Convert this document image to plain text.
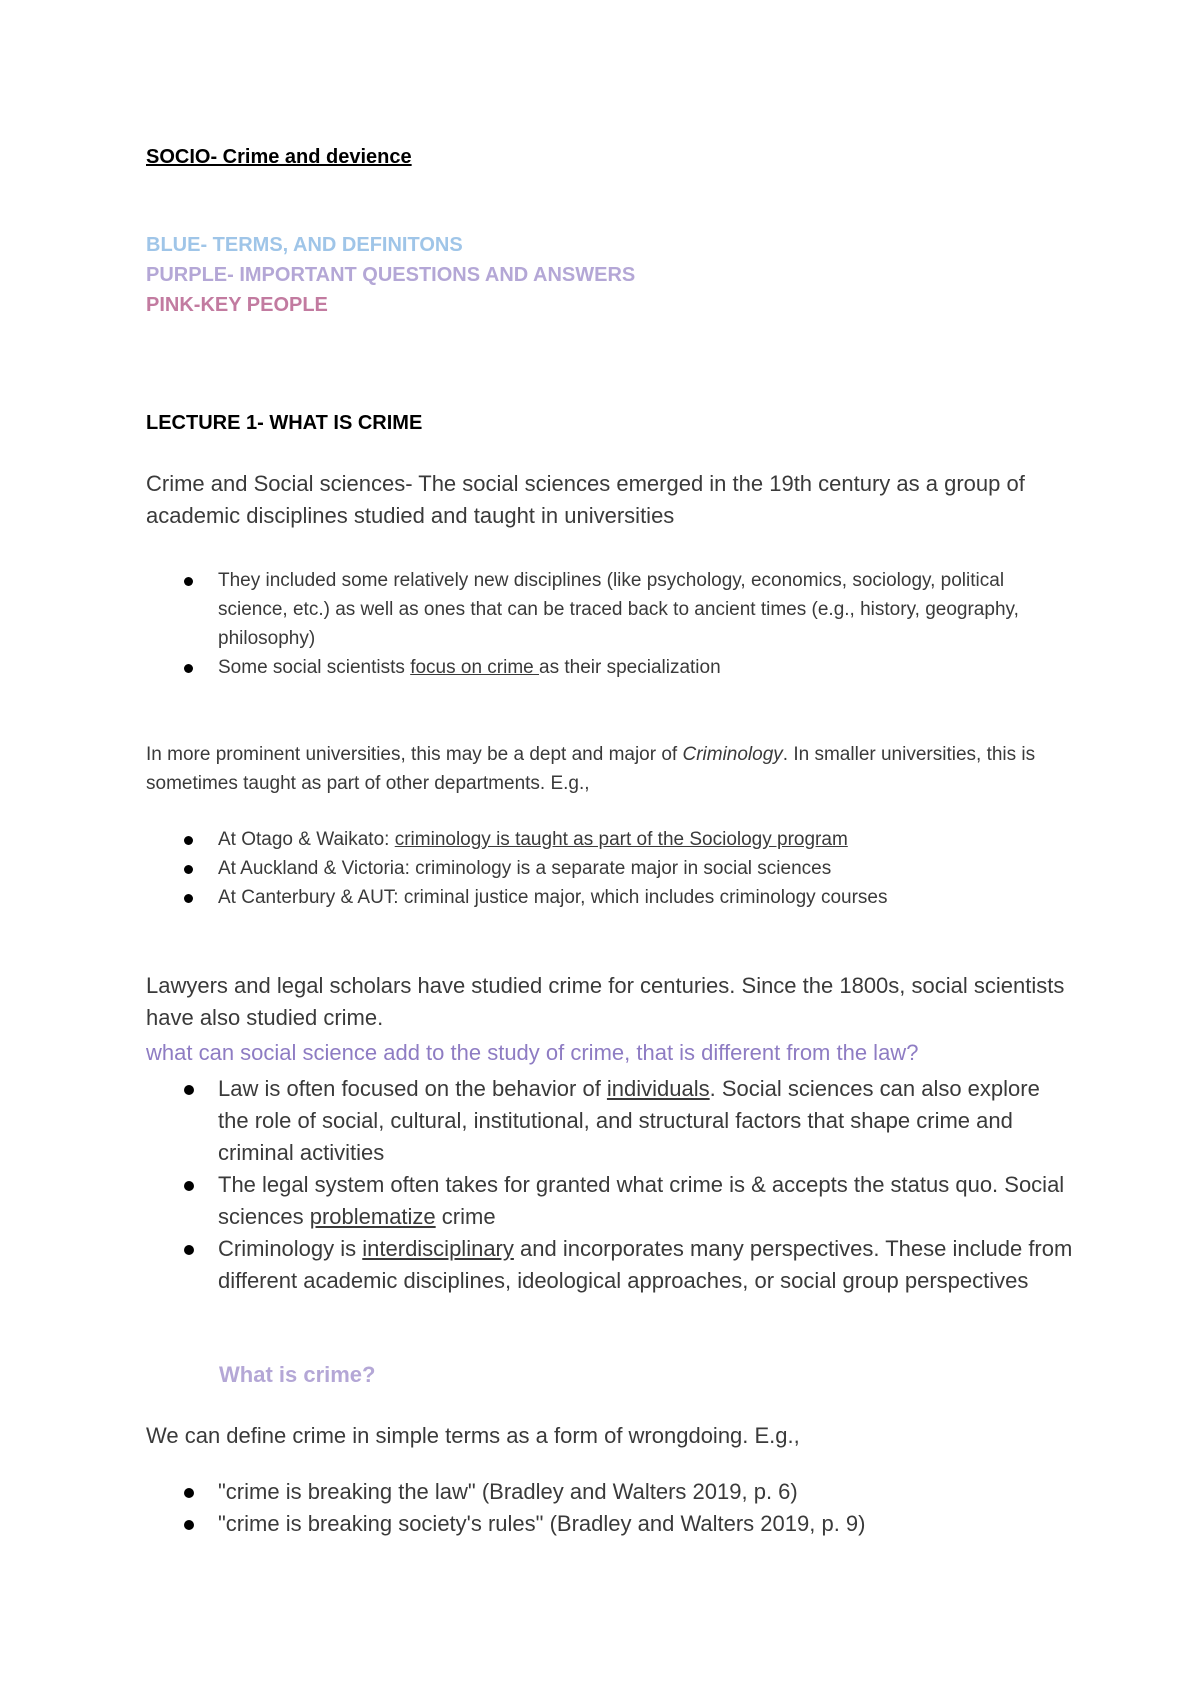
SOCIO- Crime and devience

BLUE- TERMS, AND DEFINITONS

PURPLE- IMPORTANT QUESTIONS AND ANSWERS

PINK-KEY PEOPLE

LECTURE 1- WHAT IS CRIME

Crime and Social sciences- The social sciences emerged in the 19th century as a group of academic disciplines studied and taught in universities

They included some relatively new disciplines (like psychology, economics, sociology, political science, etc.) as well as ones that can be traced back to ancient times (e.g., history, geography, philosophy)
Some social scientists focus on crime as their specialization

In more prominent universities, this may be a dept and major of Criminology. In smaller universities, this is sometimes taught as part of other departments. E.g.,

At Otago & Waikato: criminology is taught as part of the Sociology program
At Auckland & Victoria: criminology is a separate major in social sciences
At Canterbury & AUT: criminal justice major, which includes criminology courses

Lawyers and legal scholars have studied crime for centuries. Since the 1800s, social scientists have also studied crime.

what can social science add to the study of crime, that is different from the law?

Law is often focused on the behavior of individuals. Social sciences can also explore the role of social, cultural, institutional, and structural factors that shape crime and criminal activities
The legal system often takes for granted what crime is & accepts the status quo. Social sciences problematize crime
Criminology is interdisciplinary and incorporates many perspectives. These include from different academic disciplines, ideological approaches, or social group perspectives

What is crime?

We can define crime in simple terms as a form of wrongdoing. E.g.,

"crime is breaking the law" (Bradley and Walters 2019, p. 6)
"crime is breaking society's rules" (Bradley and Walters 2019, p. 9)
